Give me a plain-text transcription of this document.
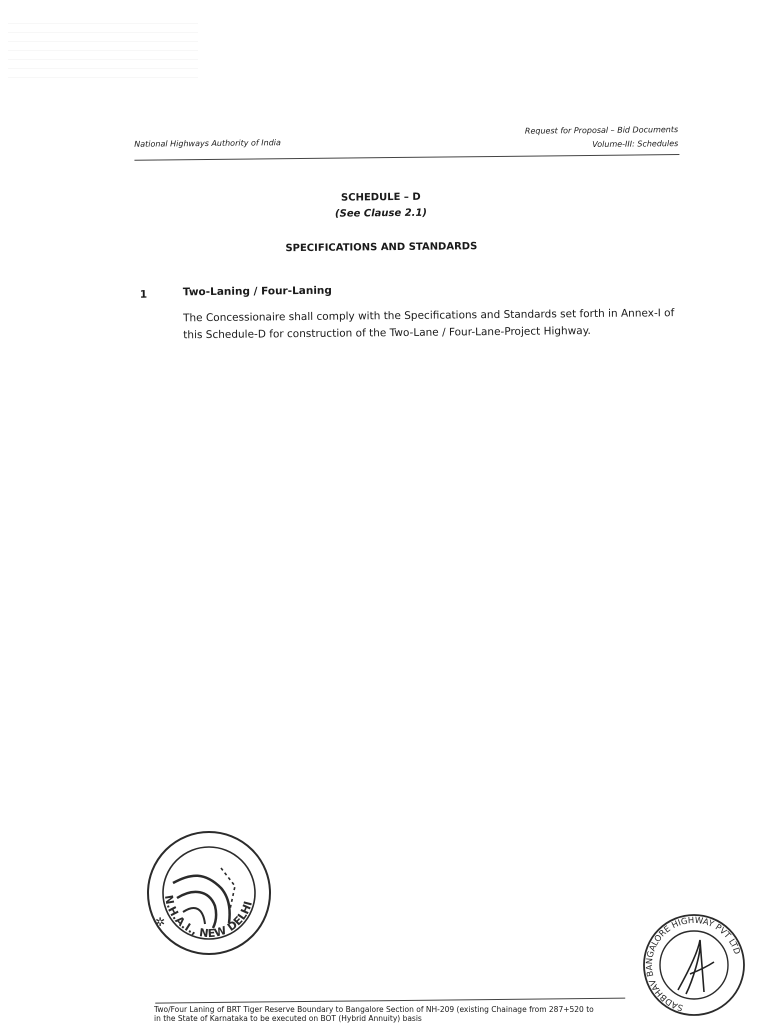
National Highways Authority of India
Request for Proposal – Bid Documents
Volume-III: Schedules
SCHEDULE – D
(See Clause 2.1)
SPECIFICATIONS AND STANDARDS
1	Two-Laning / Four-Laning
The Concessionaire shall comply with the Specifications and Standards set forth in Annex-I of this Schedule-D for construction of the Two-Lane / Four-Lane-Project Highway.
N.H.A.I., NEW DELHI
✲
SADBHAV BANGALORE HIGHWAY PVT LTD
Two/Four Laning of BRT Tiger Reserve Boundary to Bangalore Section of NH-209 (existing Chainage from 287+520 to
in the State of Karnataka to be executed on BOT (Hybrid Annuity) basis
